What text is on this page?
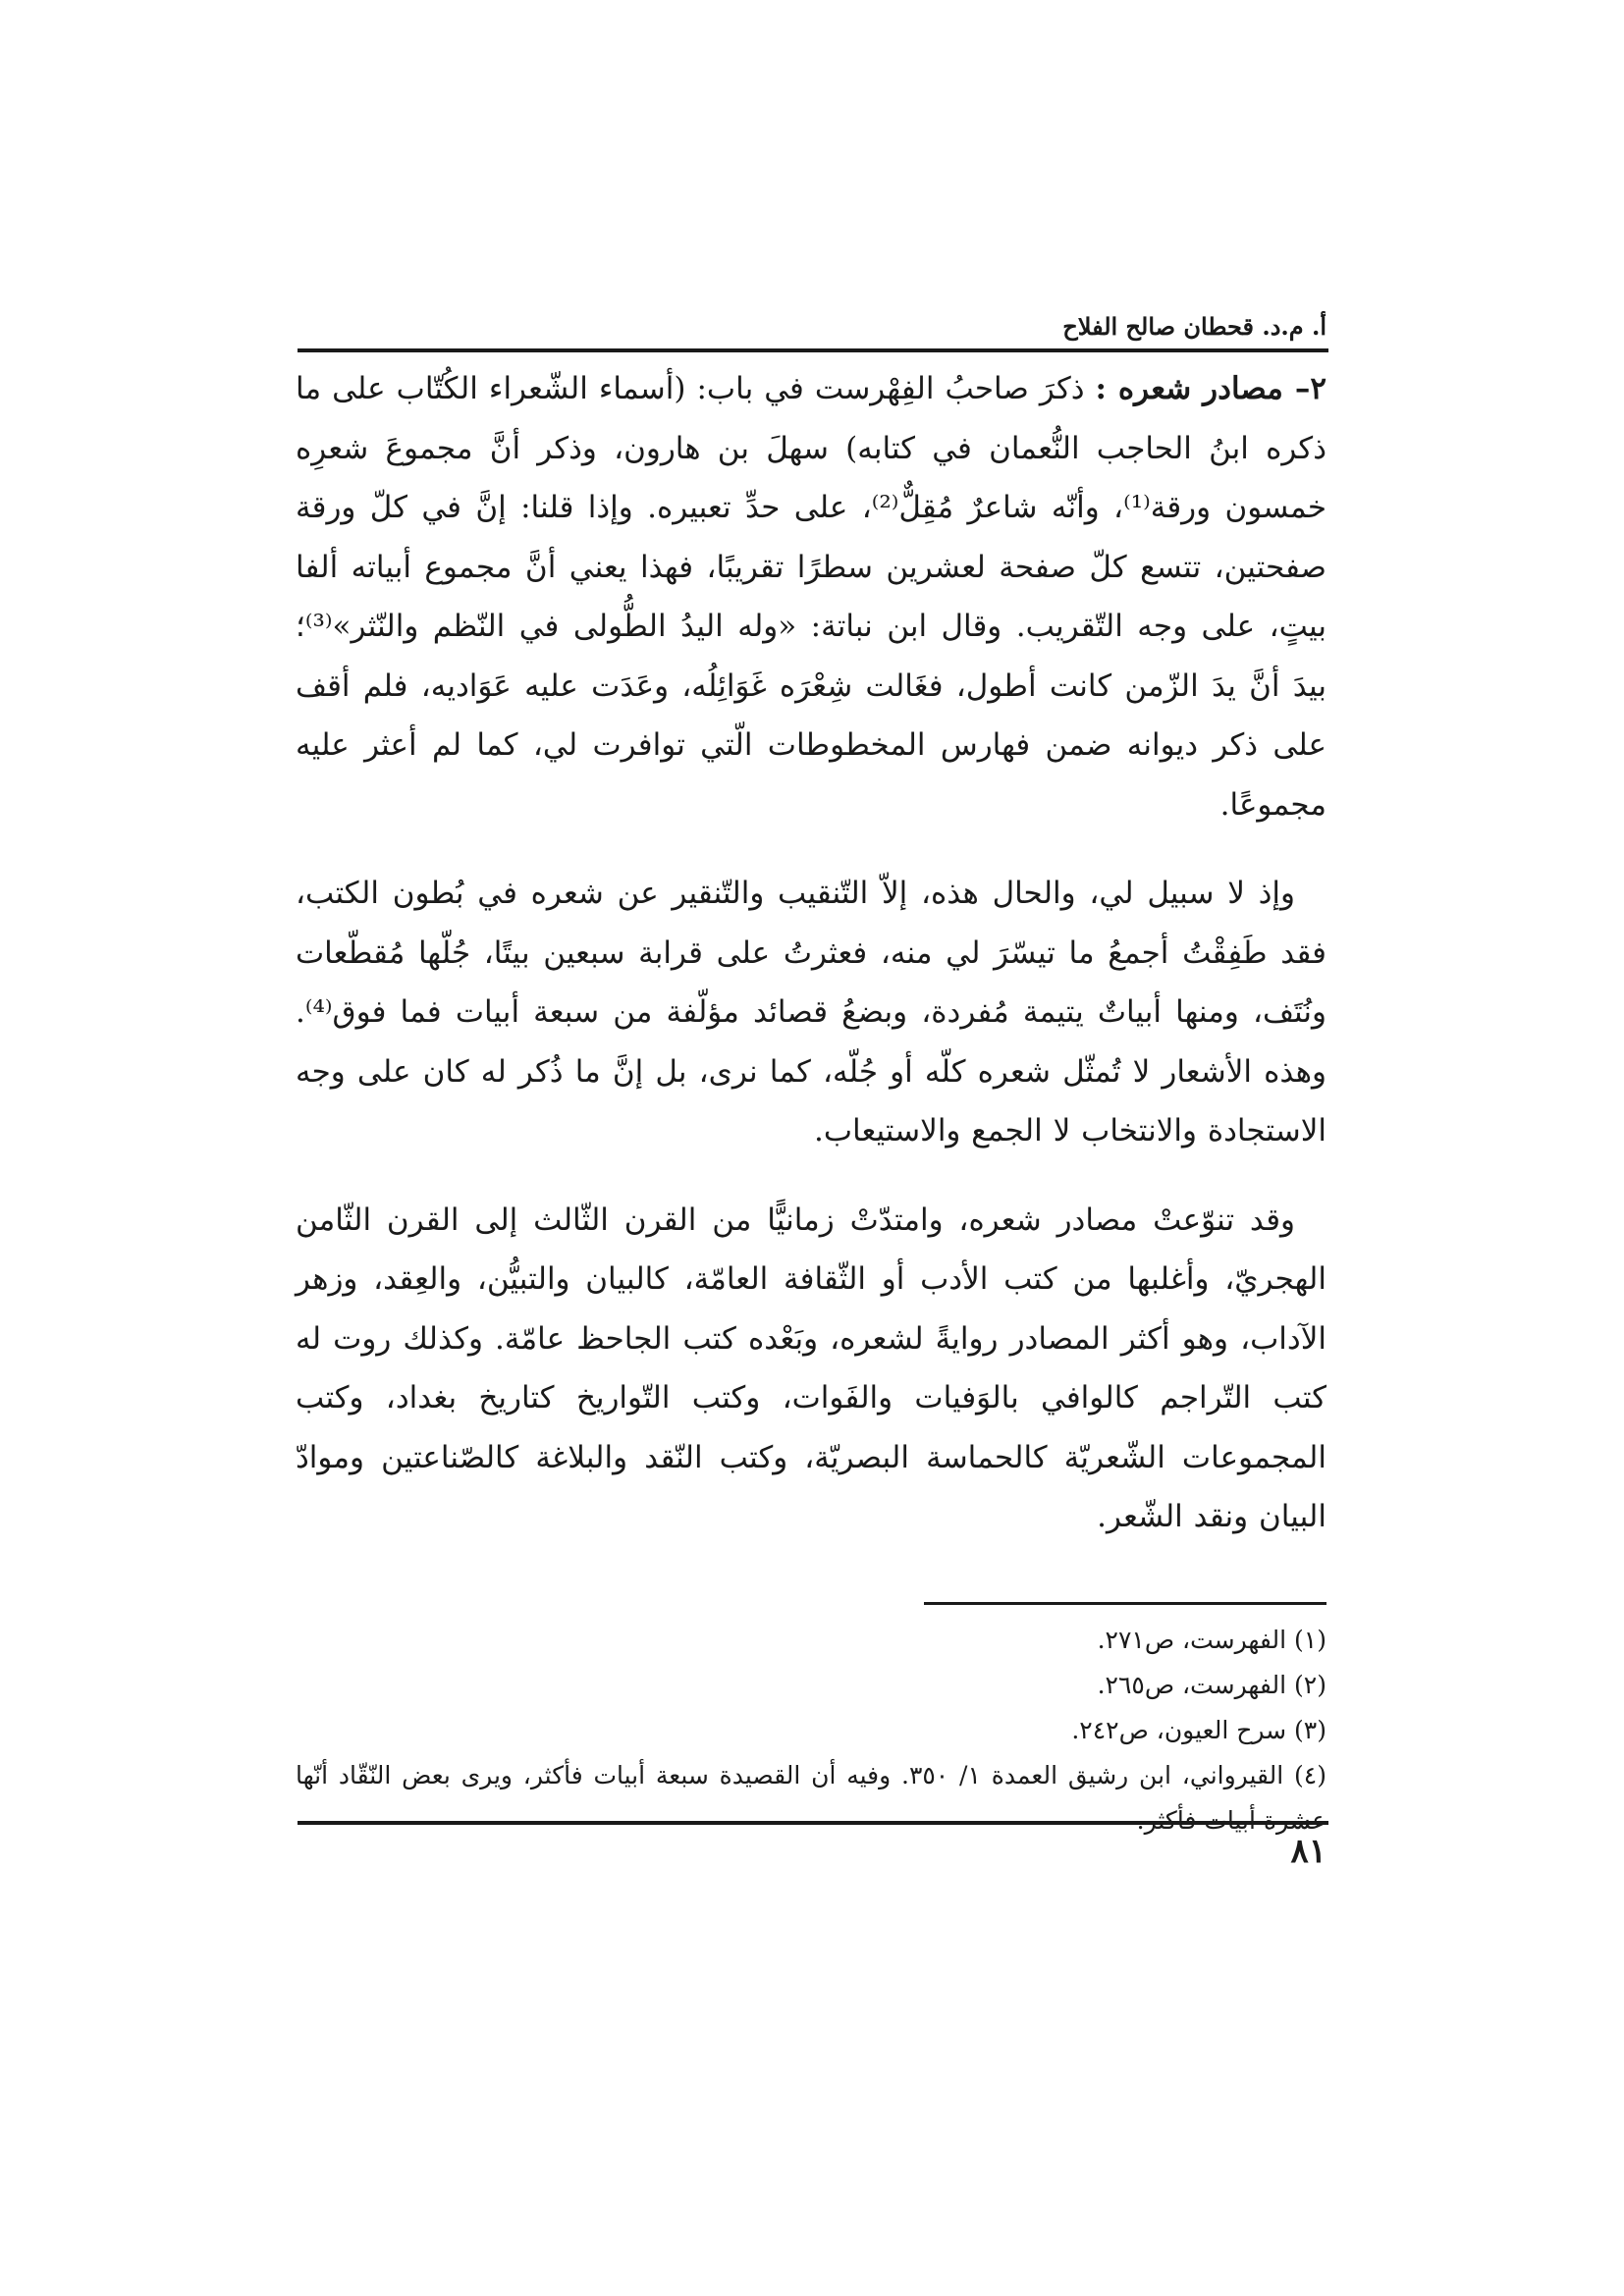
أ. م.د. قحطان صالح الفلاح

٢– مصادر شعره : ذكرَ صاحبُ الفِهْرست في باب: (أسماء الشّعراء الكُتّاب على ما ذكره ابنُ الحاجب النُّعمان في كتابه) سهلَ بن هارون، وذكر أنَّ مجموعَ شعرِه خمسون ورقة⁽¹⁾، وأنّه شاعرٌ مُقِلٌّ⁽²⁾، على حدِّ تعبيره. وإذا قلنا: إنَّ في كلّ ورقة صفحتين، تتسع كلّ صفحة لعشرين سطرًا تقريبًا، فهذا يعني أنَّ مجموع أبياته ألفا بيتٍ، على وجه التّقريب. وقال ابن نباتة: «وله اليدُ الطُّولى في النّظم والنّثر»⁽³⁾؛ بيدَ أنَّ يدَ الزّمن كانت أطول، فغَالت شِعْرَه غَوَائِلُه، وعَدَت عليه عَوَاديه، فلم أقف على ذكر ديوانه ضمن فهارس المخطوطات الّتي توافرت لي، كما لم أعثر عليه مجموعًا.

وإذ لا سبيل لي، والحال هذه، إلاّ التّنقيب والتّنقير عن شعره في بُطون الكتب، فقد طَفِقْتُ أجمعُ ما تيسّرَ لي منه، فعثرتُ على قرابة سبعين بيتًا، جُلّها مُقطّعات ونُتَف، ومنها أبياتٌ يتيمة مُفردة، وبضعُ قصائد مؤلّفة من سبعة أبيات فما فوق⁽⁴⁾. وهذه الأشعار لا تُمثّل شعره كلّه أو جُلّه، كما نرى، بل إنَّ ما ذُكر له كان على وجه الاستجادة والانتخاب لا الجمع والاستيعاب.

وقد تنوّعتْ مصادر شعره، وامتدّتْ زمانيًّا من القرن الثّالث إلى القرن الثّامن الهجريّ، وأغلبها من كتب الأدب أو الثّقافة العامّة، كالبيان والتبيُّن، والعِقد، وزهر الآداب، وهو أكثر المصادر روايةً لشعره، وبَعْده كتب الجاحظ عامّة. وكذلك روت له كتب التّراجم كالوافي بالوَفيات والفَوات، وكتب التّواريخ كتاريخ بغداد، وكتب المجموعات الشّعريّة كالحماسة البصريّة، وكتب النّقد والبلاغة كالصّناعتين وموادّ البيان ونقد الشّعر.

(١) الفهرست، ص٢٧١.

(٢) الفهرست، ص٢٦٥.

(٣) سرح العيون، ص٢٤٢.

(٤) القيرواني، ابن رشيق العمدة ١/ ٣٥٠. وفيه أن القصيدة سبعة أبيات فأكثر، ويرى بعض النّقّاد أنّها عشرة أبيات فأكثر.

٨١
